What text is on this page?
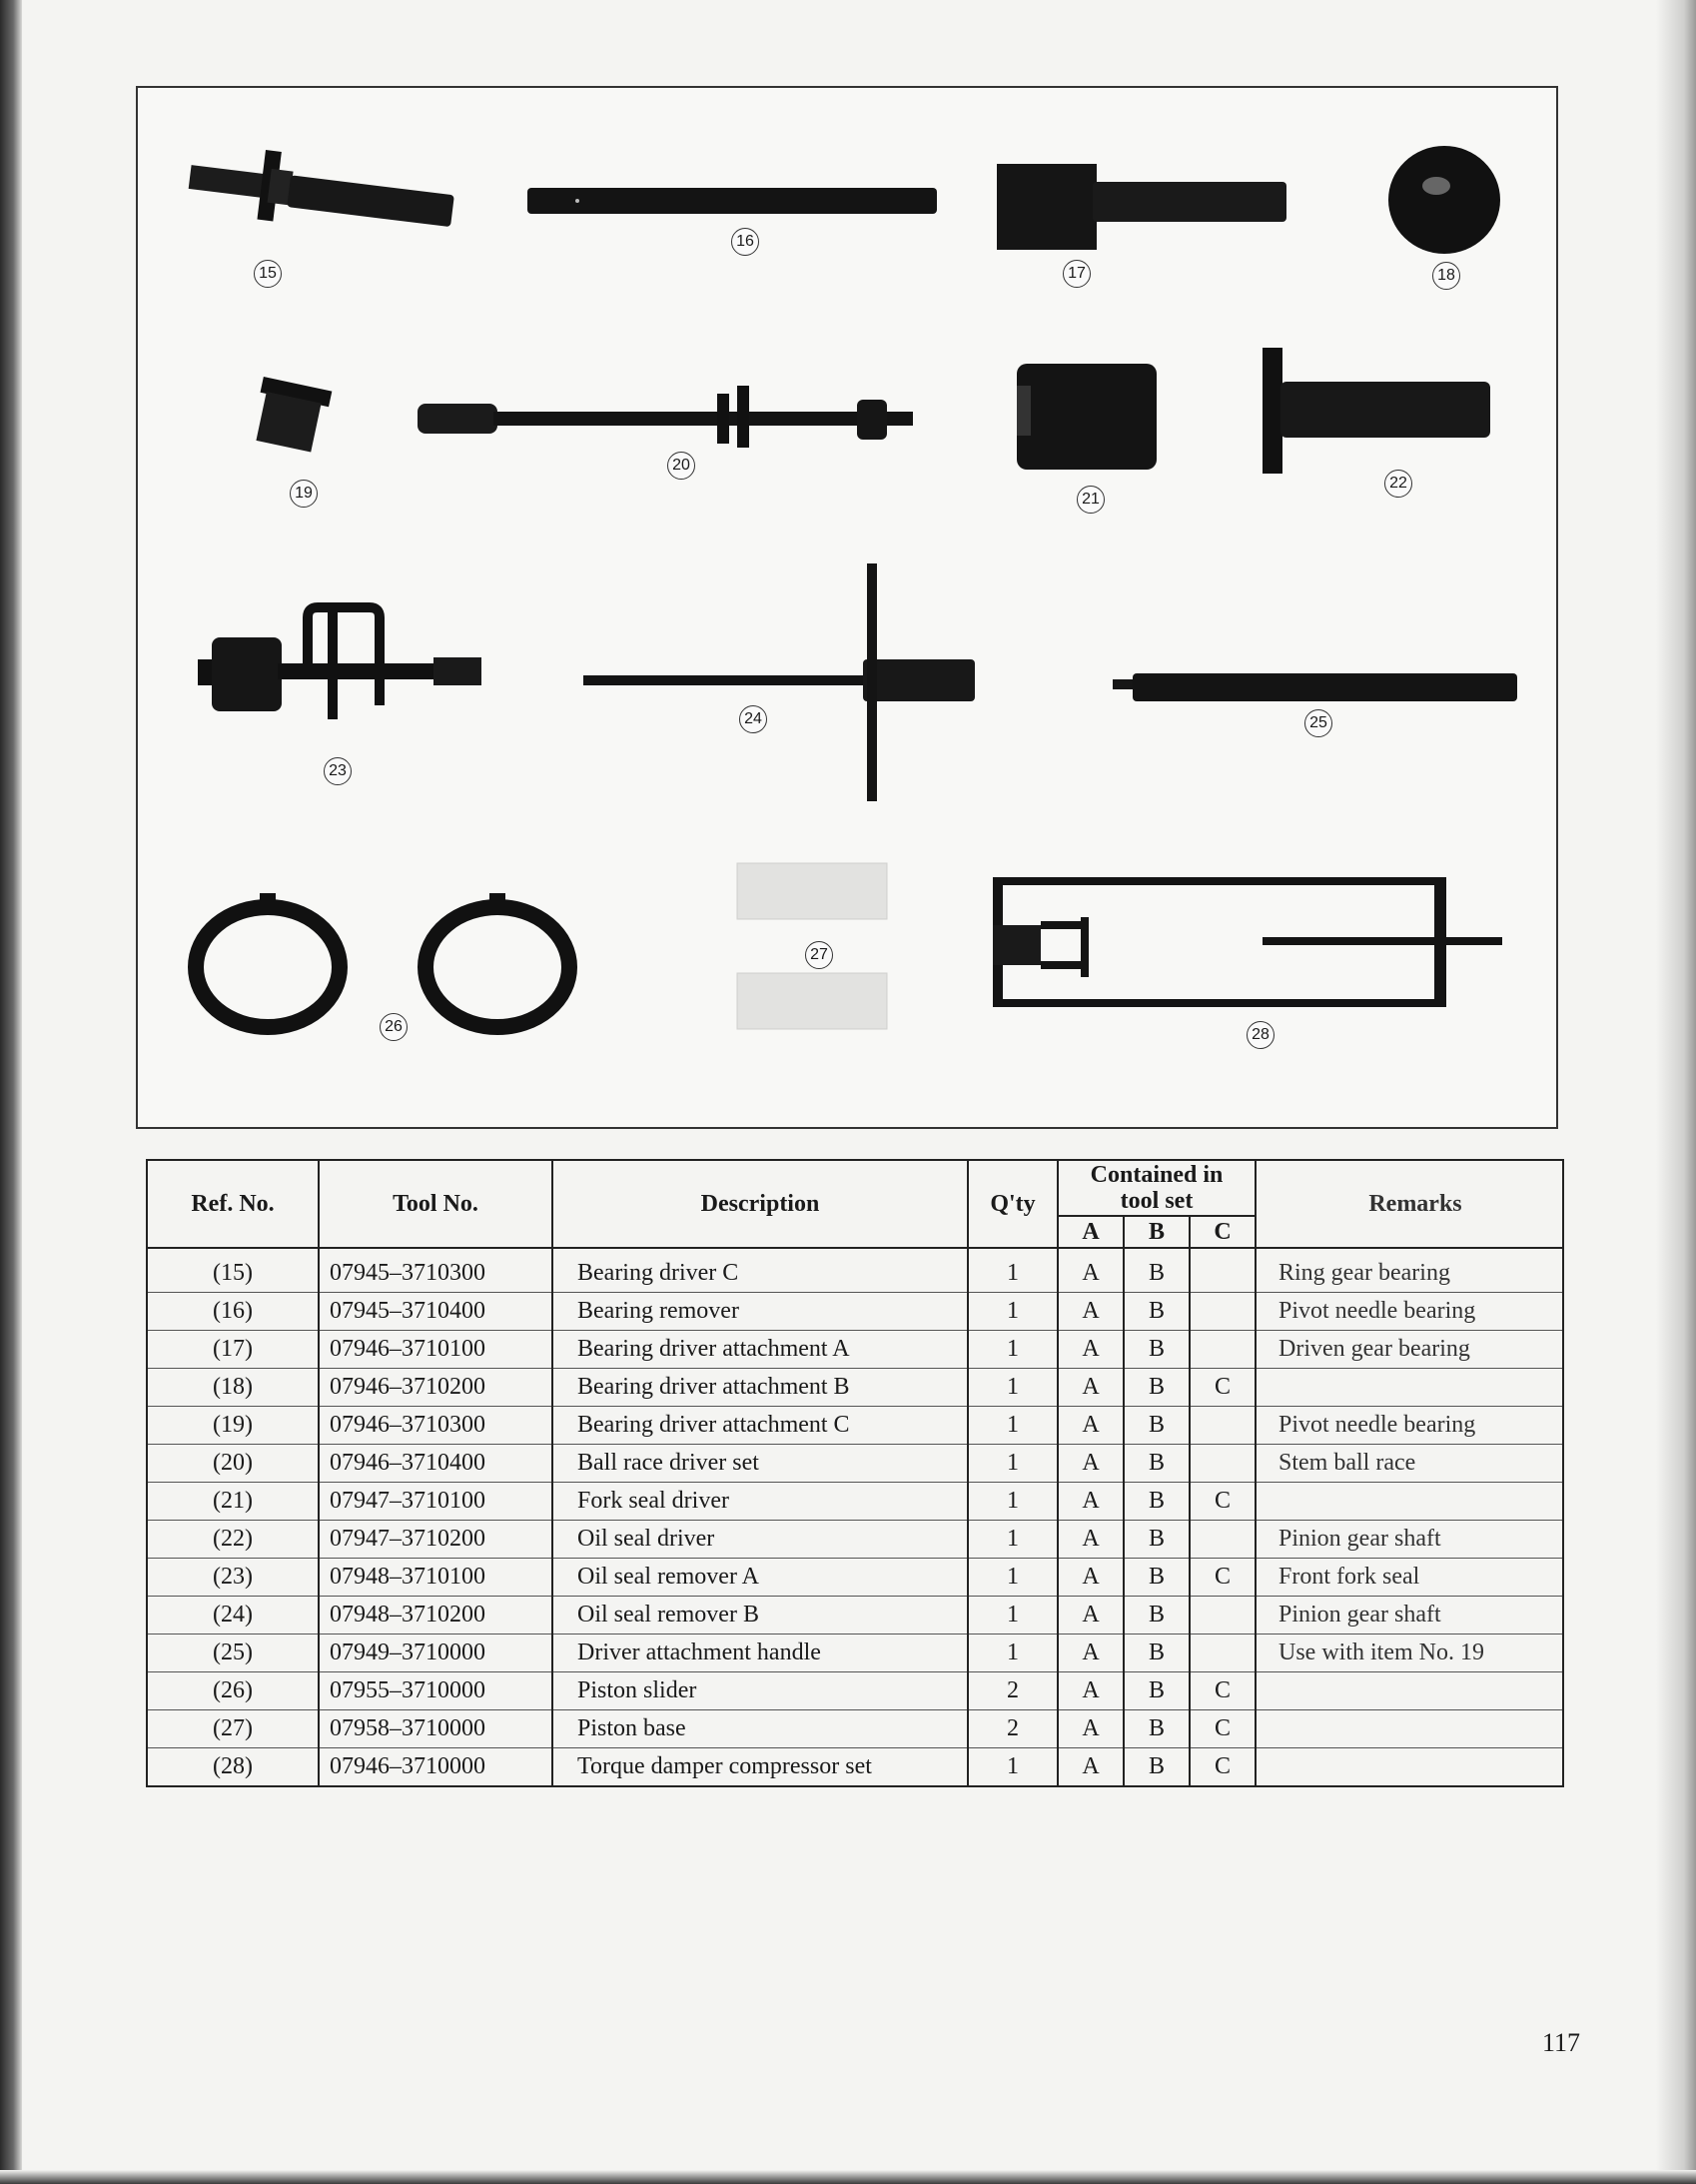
15
16
17	18
19
20
21
22
23
24	25
26
27
28
Ref. No.	Tool No.	Description	Q'ty	Contained in tool set			Remarks
				A	B	C	
(15)	07945–3710300	Bearing driver C	1	A	B		Ring gear bearing
(16)	07945–3710400	Bearing remover	1	A	B		Pivot needle bearing
(17)	07946–3710100	Bearing driver attachment A	1	A	B		Driven gear bearing
(18)	07946–3710200	Bearing driver attachment B	1	A	B	C	
(19)	07946–3710300	Bearing driver attachment C	1	A	B		Pivot needle bearing
(20)	07946–3710400	Ball race driver set	1	A	B		Stem ball race
(21)	07947–3710100	Fork seal driver	1	A	B	C	
(22)	07947–3710200	Oil seal driver	1	A	B		Pinion gear shaft
(23)	07948–3710100	Oil seal remover A	1	A	B	C	Front fork seal
(24)	07948–3710200	Oil seal remover B	1	A	B		Pinion gear shaft
(25)	07949–3710000	Driver attachment handle	1	A	B		Use with item No. 19
(26)	07955–3710000	Piston slider	2	A	B	C	
(27)	07958–3710000	Piston base	2	A	B	C	
(28)	07946–3710000	Torque damper compressor set	1	A	B	C	
117
